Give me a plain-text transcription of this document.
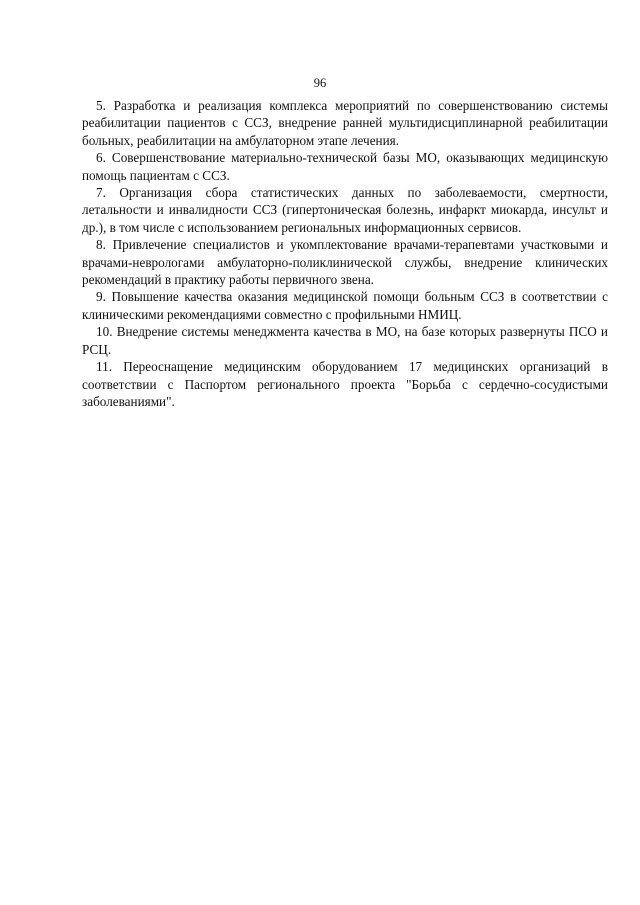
96

5. Разработка и реализация комплекса мероприятий по совершенствованию системы реабилитации пациентов с ССЗ, внедрение ранней мультидисциплинарной реабилитации больных, реабилитации на амбулаторном этапе лечения.

6. Совершенствование материально-технической базы МО, оказывающих медицинскую помощь пациентам с ССЗ.

7. Организация сбора статистических данных по заболеваемости, смертности, летальности и инвалидности ССЗ (гипертоническая болезнь, инфаркт миокарда, инсульт и др.), в том числе с использованием региональных информационных сервисов.

8. Привлечение специалистов и укомплектование врачами-терапевтами участковыми и врачами-неврологами амбулаторно-поликлинической службы, внедрение клинических рекомендаций в практику работы первичного звена.

9. Повышение качества оказания медицинской помощи больным ССЗ в соответствии с клиническими рекомендациями совместно с профильными НМИЦ.

10. Внедрение системы менеджмента качества в МО, на базе которых развернуты ПСО и РСЦ.

11. Переоснащение медицинским оборудованием 17 медицинских организаций в соответствии с Паспортом регионального проекта "Борьба с сердечно-сосудистыми заболеваниями".
